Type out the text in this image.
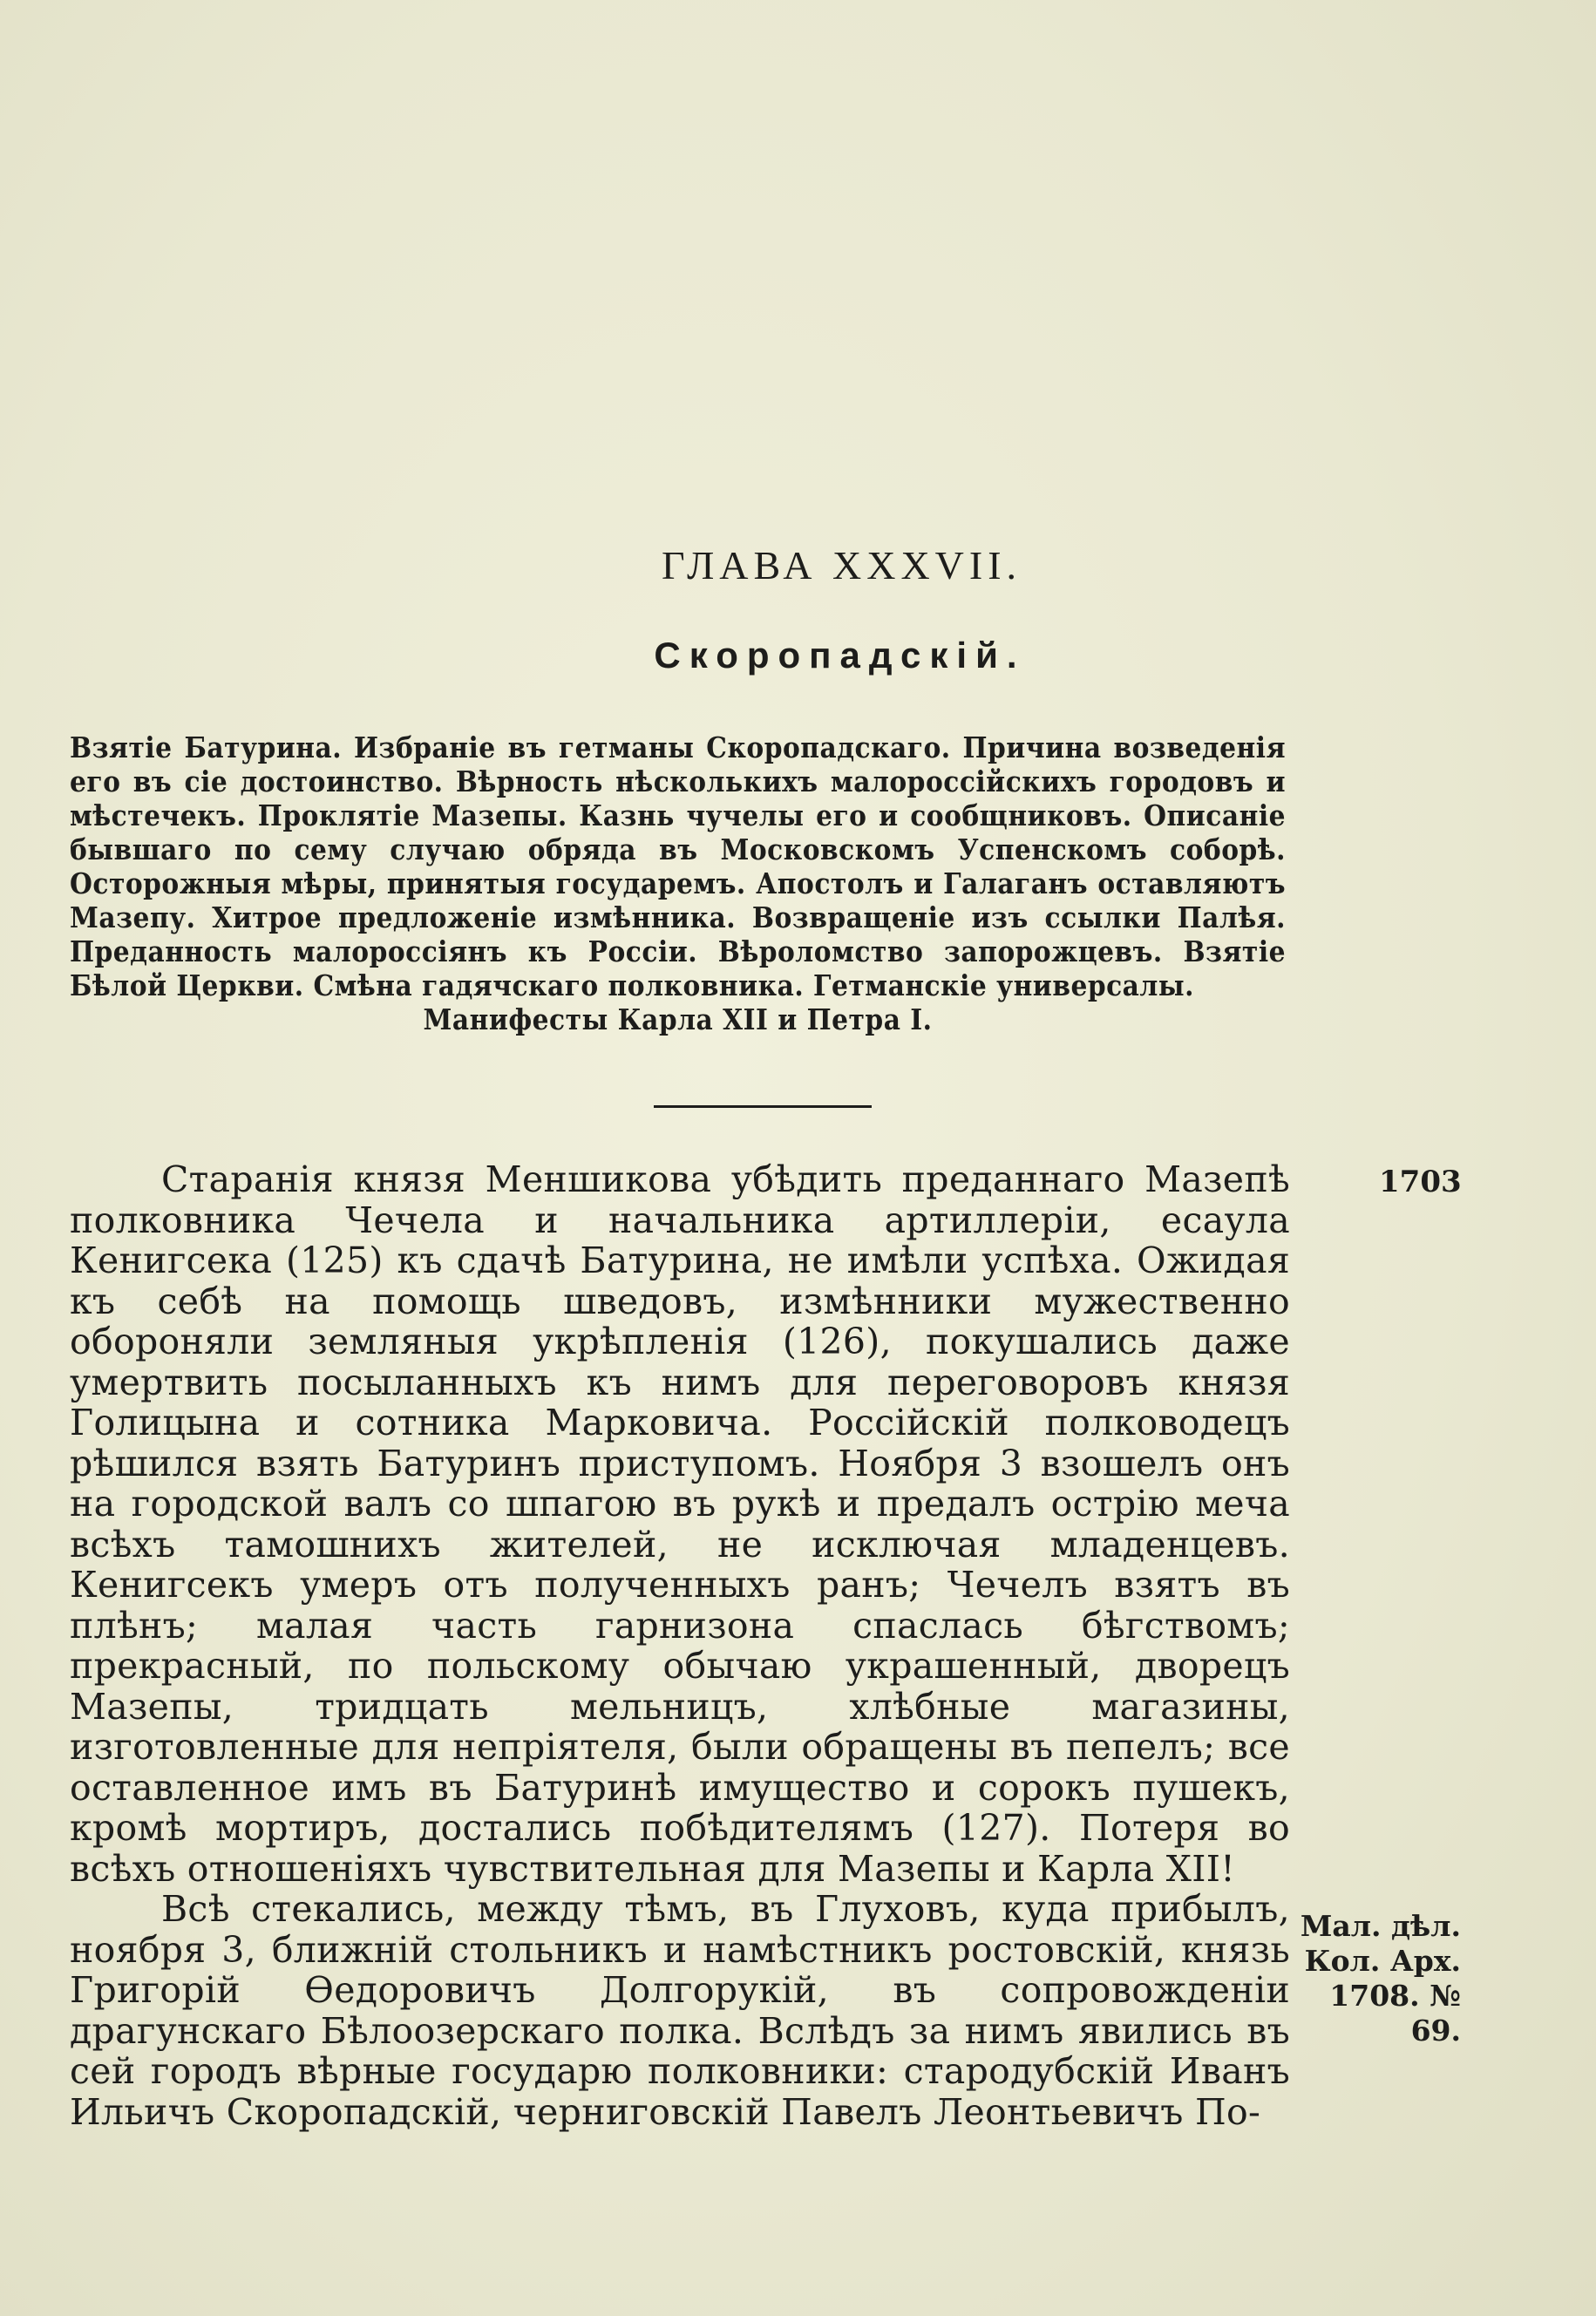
ГЛАВА XXXVII.
Скоропадскій.
Взятіе Батурина. Избраніе въ гетманы Скоропадскаго. Причина возведенія его въ сіе достоинство. Вѣрность нѣсколькихъ малороссійскихъ городовъ и мѣстечекъ. Проклятіе Мазепы. Казнь чучелы его и сообщниковъ. Описаніе бывшаго по сему случаю обряда въ Московскомъ Успенскомъ соборѣ. Осторожныя мѣры, принятыя государемъ. Апостолъ и Галаганъ оставляютъ Мазепу. Хитрое предложеніе измѣнника. Возвращеніе изъ ссылки Палѣя. Преданность малороссіянъ къ Россіи. Вѣроломство запорожцевъ. Взятіе Бѣлой Церкви. Смѣна гадячскаго полковника. Гетманскіе универсалы.
Манифесты Карла XII и Петра I.
1703
Мал. дѣл.
Кол. Арх.
1708. № 69.

Старанія князя Меншикова убѣдить преданнаго Мазепѣ полковника Чечела и начальника артиллеріи, есаула Кенигсека (125) къ сдачѣ Батурина, не имѣли успѣха. Ожидая къ себѣ на помощь шведовъ, измѣнники мужественно обороняли земляныя укрѣпленія (126), покушались даже умертвить посыланныхъ къ нимъ для переговоровъ князя Голицына и сотника Марковича. Россійскій полководецъ рѣшился взять Батуринъ приступомъ. Ноября 3 взошелъ онъ на городской валъ со шпагою въ рукѣ и предалъ острію меча всѣхъ тамошнихъ жителей, не исключая младенцевъ. Кенигсекъ умеръ отъ полученныхъ ранъ; Чечелъ взятъ въ плѣнъ; малая часть гарнизона спаслась бѣгствомъ; прекрасный, по польскому обычаю украшенный, дворецъ Мазепы, тридцать мельницъ, хлѣбные магазины, изготовленные для непріятеля, были обращены въ пепелъ; все оставленное имъ въ Батуринѣ имущество и сорокъ пушекъ, кромѣ мортиръ, достались побѣдителямъ (127). Потеря во всѣхъ отношеніяхъ чувствительная для Мазепы и Карла XII!

Всѣ стекались, между тѣмъ, въ Глуховъ, куда прибылъ, ноября 3, ближній стольникъ и намѣстникъ ростовскій, князь Григорій Ѳедоровичъ Долгорукій, въ сопровожденіи драгунскаго Бѣлоозерскаго полка. Вслѣдъ за нимъ явились въ сей городъ вѣрные государю полковники: стародубскій Иванъ Ильичъ Скоропадскій, черниговскій Павелъ Леонтьевичъ По-
